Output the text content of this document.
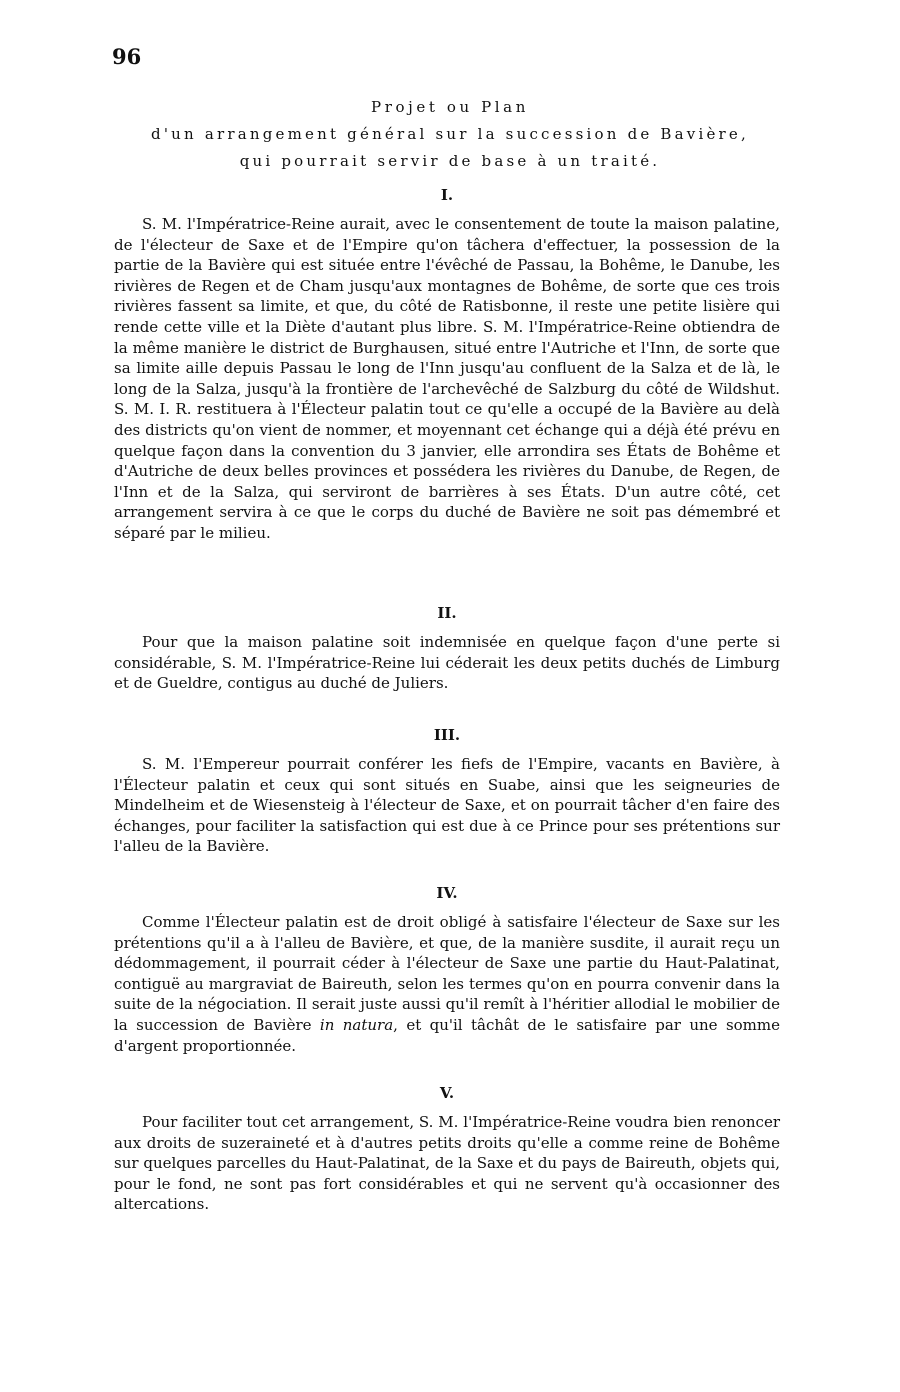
96
Projet ou Plan
d'un arrangement général sur la succession de Bavière,
qui pourrait servir de base à un traité.
I.

S. M. l'Impératrice-Reine aurait, avec le consentement de toute la maison palatine, de l'électeur de Saxe et de l'Empire qu'on tâchera d'effectuer, la possession de la partie de la Bavière qui est située entre l'évêché de Passau, la Bohême, le Danube, les rivières de Regen et de Cham jusqu'aux montagnes de Bohême, de sorte que ces trois rivières fassent sa limite, et que, du côté de Ratisbonne, il reste une petite lisière qui rende cette ville et la Diète d'autant plus libre. S. M. l'Impératrice-Reine obtiendra de la même manière le district de Burghausen, situé entre l'Autriche et l'Inn, de sorte que sa limite aille depuis Passau le long de l'Inn jusqu'au confluent de la Salza et de là, le long de la Salza, jusqu'à la frontière de l'archevêché de Salzburg du côté de Wildshut. S. M. I. R. restituera à l'Électeur palatin tout ce qu'elle a occupé de la Bavière au delà des districts qu'on vient de nommer, et moyennant cet échange qui a déjà été prévu en quelque façon dans la convention du 3 janvier, elle arrondira ses États de Bohême et d'Autriche de deux belles provinces et possédera les rivières du Danube, de Regen, de l'Inn et de la Salza, qui serviront de barrières à ses États. D'un autre côté, cet arrangement servira à ce que le corps du duché de Bavière ne soit pas démembré et séparé par le milieu.

II.

Pour que la maison palatine soit indemnisée en quelque façon d'une perte si considérable, S. M. l'Impératrice-Reine lui céderait les deux petits duchés de Limburg et de Gueldre, contigus au duché de Juliers.

III.

S. M. l'Empereur pourrait conférer les fiefs de l'Empire, vacants en Bavière, à l'Électeur palatin et ceux qui sont situés en Suabe, ainsi que les seigneuries de Mindelheim et de Wiesensteig à l'électeur de Saxe, et on pourrait tâcher d'en faire des échanges, pour faciliter la satisfaction qui est due à ce Prince pour ses prétentions sur l'alleu de la Bavière.

IV.

Comme l'Électeur palatin est de droit obligé à satisfaire l'électeur de Saxe sur les prétentions qu'il a à l'alleu de Bavière, et que, de la manière susdite, il aurait reçu un dédommagement, il pourrait céder à l'électeur de Saxe une partie du Haut-Palatinat, contiguë au margraviat de Baireuth, selon les termes qu'on en pourra convenir dans la suite de la négociation. Il serait juste aussi qu'il remît à l'héritier allodial le mobilier de la succession de Bavière in natura, et qu'il tâchât de le satisfaire par une somme d'argent proportionnée.

V.

Pour faciliter tout cet arrangement, S. M. l'Impératrice-Reine voudra bien renoncer aux droits de suzeraineté et à d'autres petits droits qu'elle a comme reine de Bohême sur quelques parcelles du Haut-Palatinat, de la Saxe et du pays de Baireuth, objets qui, pour le fond, ne sont pas fort considérables et qui ne servent qu'à occasionner des altercations.
